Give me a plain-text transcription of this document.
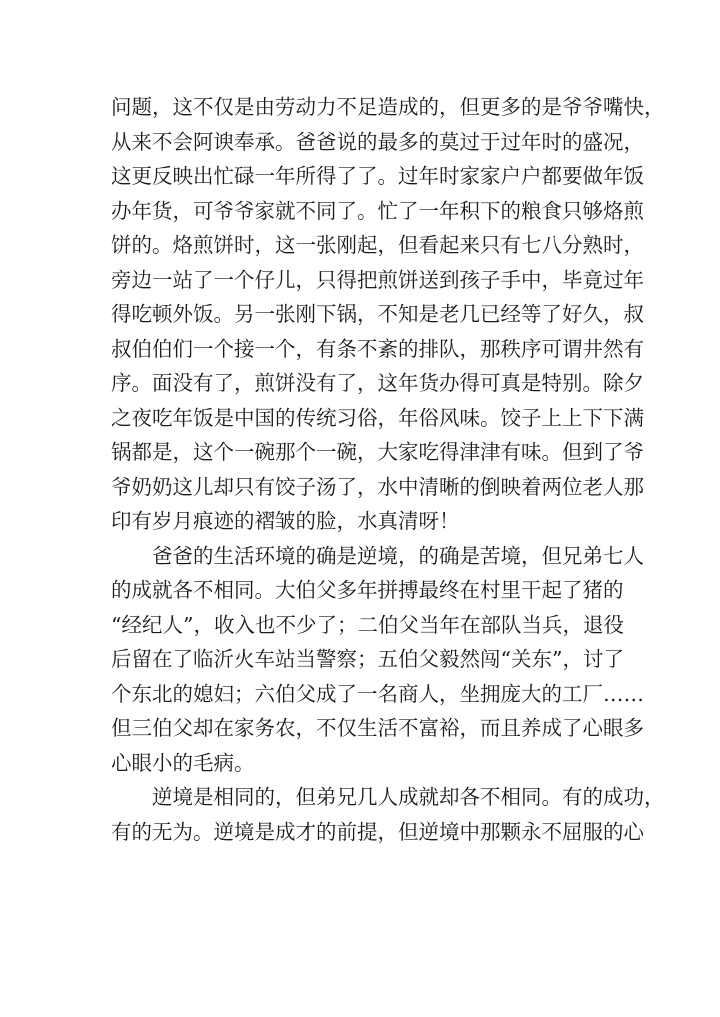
问题，这不仅是由劳动力不足造成的，但更多的是爷爷嘴快，
从来不会阿谀奉承。爸爸说的最多的莫过于过年时的盛况，
这更反映出忙碌一年所得了了。过年时家家户户都要做年饭
办年货，可爷爷家就不同了。忙了一年积下的粮食只够烙煎
饼的。烙煎饼时，这一张刚起，但看起来只有七八分熟时，
旁边一站了一个仔儿，只得把煎饼送到孩子手中，毕竟过年
得吃顿外饭。另一张刚下锅，不知是老几已经等了好久，叔
叔伯伯们一个接一个，有条不紊的排队，那秩序可谓井然有
序。面没有了，煎饼没有了，这年货办得可真是特别。除夕
之夜吃年饭是中国的传统习俗，年俗风味。饺子上上下下满
锅都是，这个一碗那个一碗，大家吃得津津有味。但到了爷
爷奶奶这儿却只有饺子汤了，水中清晰的倒映着两位老人那
印有岁月痕迹的褶皱的脸，水真清呀！
爸爸的生活环境的确是逆境，的确是苦境，但兄弟七人
的成就各不相同。大伯父多年拼搏最终在村里干起了猪的
“经纪人”，收入也不少了；二伯父当年在部队当兵，退役
后留在了临沂火车站当警察；五伯父毅然闯“关东”，讨了
个东北的媳妇；六伯父成了一名商人，坐拥庞大的工厂……
但三伯父却在家务农，不仅生活不富裕，而且养成了心眼多
心眼小的毛病。
逆境是相同的，但弟兄几人成就却各不相同。有的成功，
有的无为。逆境是成才的前提，但逆境中那颗永不屈服的心
